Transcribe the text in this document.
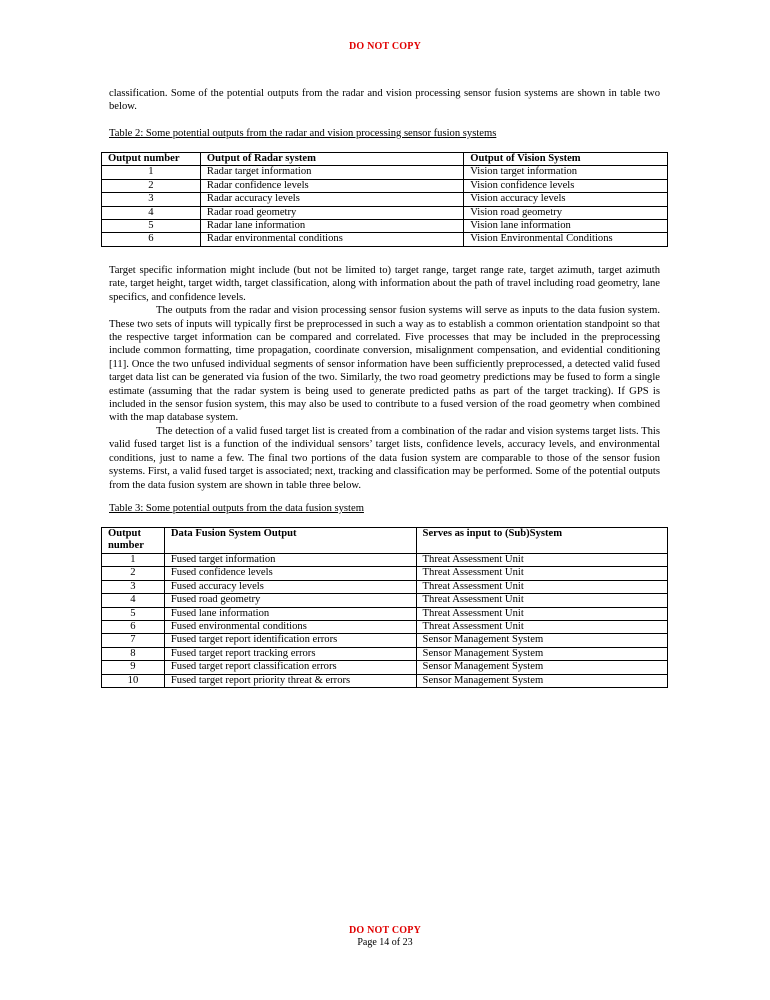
DO NOT COPY

classification. Some of the potential outputs from the radar and vision processing sensor fusion systems are shown in table two below.

Table 2: Some potential outputs from the radar and vision processing sensor fusion systems

Output number	Output of Radar system	Output of Vision System
1	Radar target information	Vision target information
2	Radar confidence levels	Vision confidence levels
3	Radar accuracy levels	Vision accuracy levels
4	Radar road geometry	Vision road geometry
5	Radar lane information	Vision lane information
6	Radar environmental conditions	Vision Environmental Conditions

Target specific information might include (but not be limited to) target range, target range rate, target azimuth, target azimuth rate, target height, target width, target classification, along with information about the path of travel including road geometry, lane specifics, and confidence levels.

The outputs from the radar and vision processing sensor fusion systems will serve as inputs to the data fusion system. These two sets of inputs will typically first be preprocessed in such a way as to establish a common orientation standpoint so that the respective target information can be compared and correlated. Five processes that may be included in the preprocessing include common formatting, time propagation, coordinate conversion, misalignment compensation, and evidential conditioning [11]. Once the two unfused individual segments of sensor information have been sufficiently preprocessed, a detected valid fused target data list can be generated via fusion of the two. Similarly, the two road geometry predictions may be fused to form a single estimate (assuming that the radar system is being used to generate predicted paths as part of the target tracking). If GPS is included in the sensor fusion system, this may also be used to contribute to a fused version of the road geometry when combined with the map database system.

The detection of a valid fused target list is created from a combination of the radar and vision systems target lists. This valid fused target list is a function of the individual sensors’ target lists, confidence levels, accuracy levels, and environmental conditions, just to name a few. The final two portions of the data fusion system are comparable to those of the sensor fusion systems. First, a valid fused target is associated; next, tracking and classification may be performed. Some of the potential outputs from the data fusion system are shown in table three below.

Table 3: Some potential outputs from the data fusion system

Output number	Data Fusion System Output	Serves as input to (Sub)System
1	Fused target information	Threat Assessment Unit
2	Fused confidence levels	Threat Assessment Unit
3	Fused accuracy levels	Threat Assessment Unit
4	Fused road geometry	Threat Assessment Unit
5	Fused lane information	Threat Assessment Unit
6	Fused environmental conditions	Threat Assessment Unit
7	Fused target report identification errors	Sensor Management System
8	Fused target report tracking errors	Sensor Management System
9	Fused target report classification errors	Sensor Management System
10	Fused target report priority threat & errors	Sensor Management System
DO NOT COPY
Page 14 of 23
